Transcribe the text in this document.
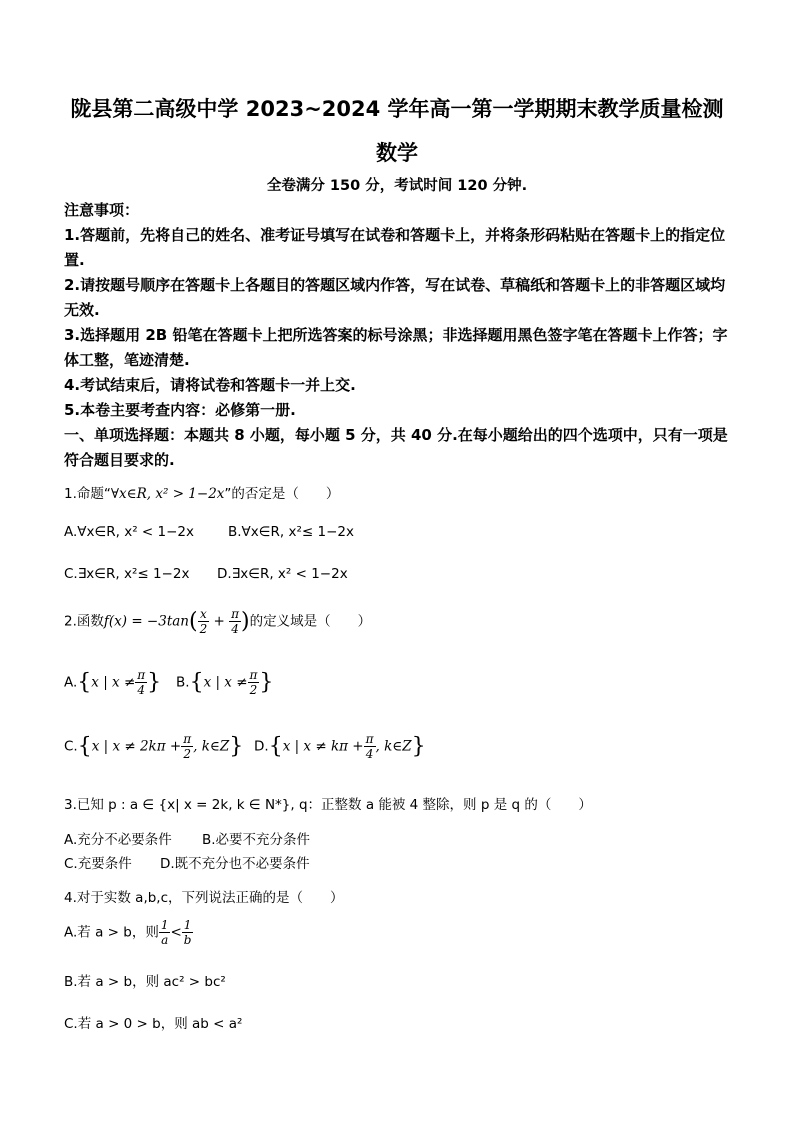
陇县第二高级中学 2023~2024 学年高一第一学期期末教学质量检测
数学
全卷满分 150 分，考试时间 120 分钟.

注意事项：

1.答题前，先将自己的姓名、准考证号填写在试卷和答题卡上，并将条形码粘贴在答题卡上的指定位置.

2.请按题号顺序在答题卡上各题目的答题区域内作答，写在试卷、草稿纸和答题卡上的非答题区域均无效.

3.选择题用 2B 铅笔在答题卡上把所选答案的标号涂黑；非选择题用黑色签字笔在答题卡上作答；字体工整，笔迹清楚.

4.考试结束后，请将试卷和答题卡一并上交.

5.本卷主要考查内容：必修第一册.

一、单项选择题：本题共 8 小题，每小题 5 分，共 40 分.在每小题给出的四个选项中，只有一项是符合题目要求的.

1.命题“∀x∈R, x² > 1−2x”的否定是（　　）
A.∀x∈R, x² < 1−2x	B.∀x∈R, x²≤ 1−2x
C.∃x∈R, x²≤ 1−2x D.∃x∈R, x² < 1−2x
2.函数$f(x) = -3\tan( \frac{x}{2} + \frac{\pi}{4}$ )的定义域是（　　）
A.{x | $x \ne \frac{\pi}{4}$ } B.{x | $x \ne \frac{\pi}{2}$ }
C.{x | $x \ne 2k\pi + \frac{\pi}{2}$ , k∈Z} D.{x | $x \ne k\pi + \frac{\pi}{4}$ , k∈Z}
3.已知 p : a ∈ {x| x = 2k, k ∈ N*}, q：正整数 a 能被 4 整除，则 p 是 q 的（　　）
A.充分不必要条件 B.必要不充分条件
C.充要条件 D.既不充分也不必要条件
4.对于实数 a,b,c，下列说法正确的是（　　）
A.若 a > b，则 $\frac{1}{a} < \frac{1}{b}$
B.若 a > b，则 ac² > bc²
C.若 a > 0 > b，则 ab < a²
